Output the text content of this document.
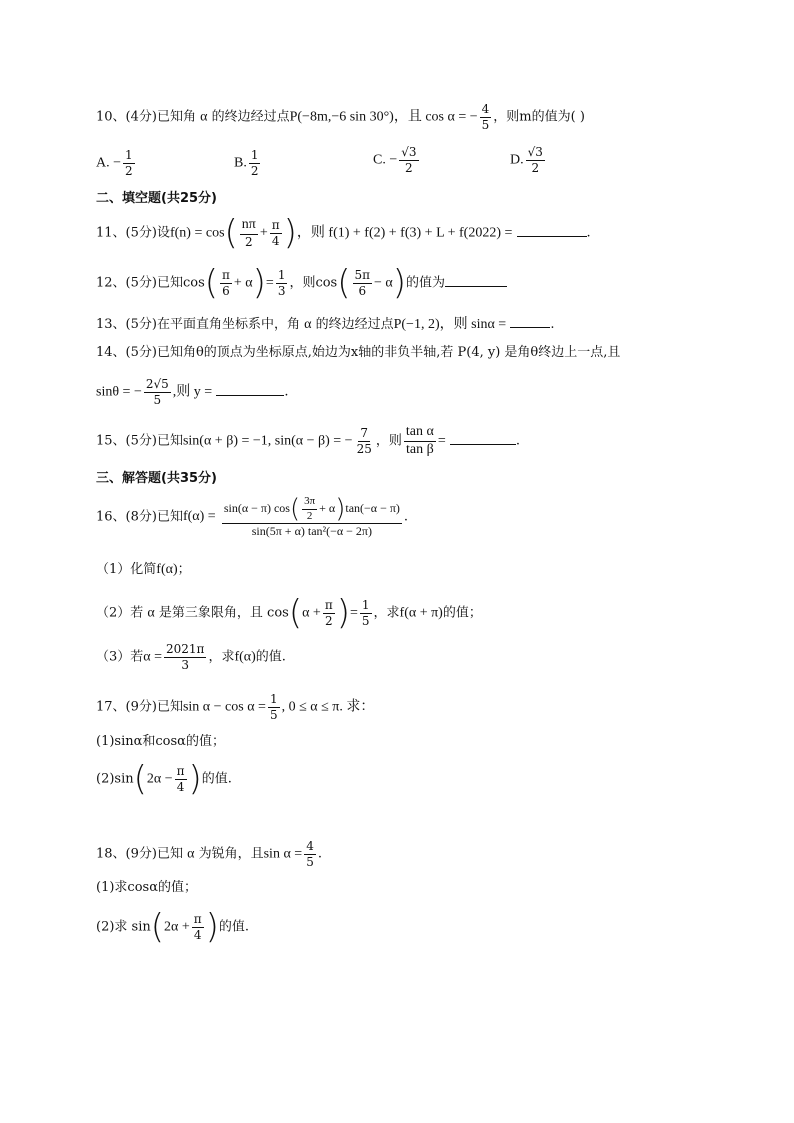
10、(4分)已知角 α 的终边经过点P(−8m,−6 sin 30°)，且 cos α = − $\frac{4}{5}$ ，则m的值为( )
A. − $\frac{1}{2}$	B. $\frac{1}{2}$	C. − $\frac{√3}{2}$	D. $\frac{√3}{2}$
二、填空题(共25分)
11、(5分)设$f(n) = \cos( \frac{n\pi}{2} + \frac{\pi}{4}$ )，则 f(1) + f(2) + f(3) + L + f(2022) =	.
12、(5分)已知$\cos( \frac{\pi}{6} + \alpha)= \frac{1}{3}$ ，则$\cos( \frac{5\pi}{6} - \alpha)$的值为
13、(5分)在平面直角坐标系中，角 α 的终边经过点P(−1, 2)，则 sinα =	.
14、(5分)已知角θ的顶点为坐标原点,始边为x轴的非负半轴,若 P(4, y) 是角θ终边上一点,且
sinθ = − $\frac{2√5}{5}$ ,则 y =	.
15、(5分)已知sin(α + β) = −1, sin(α − β) = − $\frac{7}{25}$ ，则 $\frac{\text{tan α}}{\text{tan β}}$ =	.
三、解答题(共35分)
16、(8分)已知$f(\alpha) = \frac{\sin(\alpha - \pi) \cos( \frac{3\pi}{2} + \alpha)\tan(-\alpha - \pi)}{\text{sin(5π + α) tan²(−α − 2π)}}$ .
（1）化简f(α)；
（2）若 α 是第三象限角，且 $\cos(\alpha + \frac{\pi}{2}$ )= $\frac{1}{5}$ ，求f(α + π)的值；
（3）若$\alpha = \frac{2021\pi}{3}$ ，求f(α)的值.
17、(9分)已知$\sin \alpha - \cos \alpha = \frac{1}{5}$ , 0 ≤ α ≤ π. 求：
(1)sinα和cosα的值；
$(2)\sin(2\alpha - \frac{\pi}{4}$ )的值.
18、(9分)已知 α 为锐角，且$\sin \alpha = \frac{4}{5}$ .
(1)求cosα的值；
(2)求 $\sin(2\alpha + \frac{\pi}{4}$ )的值.
